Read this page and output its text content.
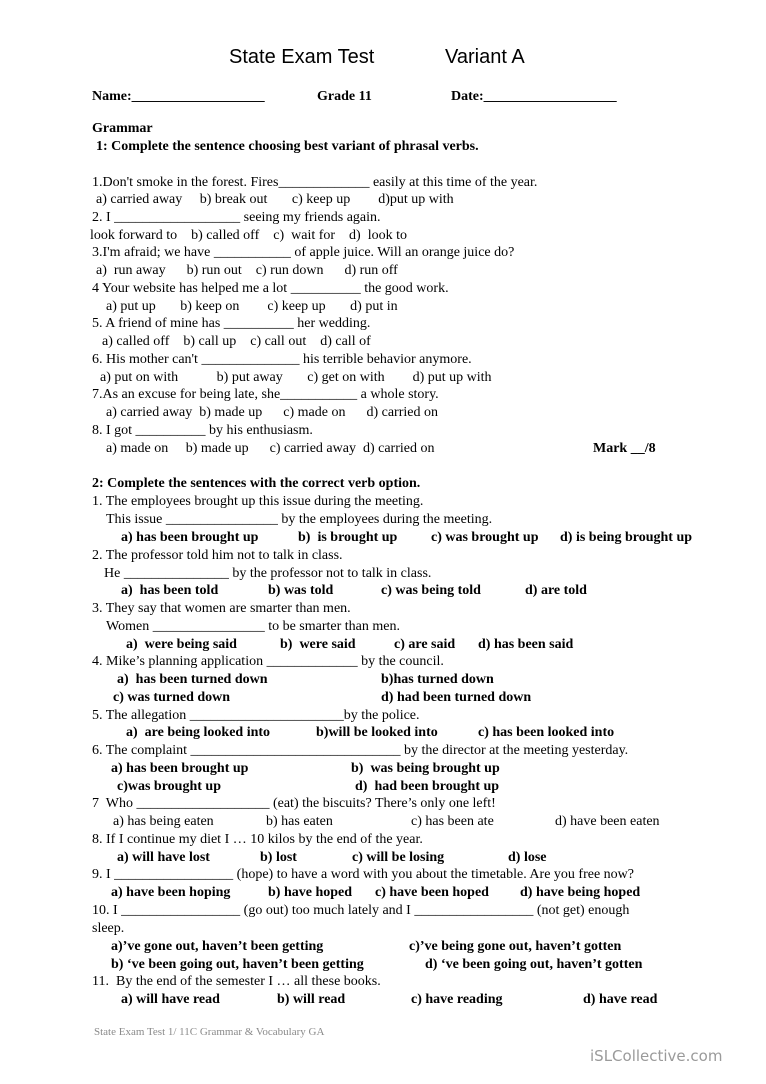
State Exam Test	Variant A
Name:___________________	Grade 11	Date:___________________
Grammar
1: Complete the sentence choosing best variant of phrasal verbs.
1.Don't smoke in the forest. Fires_____________ easily at this time of the year.
a) carried away     b) break out       c) keep up        d)put up with
2. I __________________ seeing my friends again.
look forward to    b) called off    c)  wait for    d)  look to
3.I'm afraid; we have ___________ of apple juice. Will an orange juice do?
a)  run away      b) run out    c) run down      d) run off
4 Your website has helped me a lot __________ the good work.
a) put up       b) keep on        c) keep up       d) put in
5. A friend of mine has __________ her wedding.
a) called off    b) call up    c) call out    d) call of
6. His mother can't ______________ his terrible behavior anymore.
a) put on with           b) put away       c) get on with        d) put up with
7.As an excuse for being late, she___________ a whole story.
a) carried away  b) made up      c) made on      d) carried on
8. I got __________ by his enthusiasm.
a) made on     b) made up      c) carried away  d) carried on	Mark __/8
2: Complete the sentences with the correct verb option.
1. The employees brought up this issue during the meeting.
This issue ________________ by the employees during the meeting.
a) has been brought up	b)  is brought up c) was brought up d) is being brought up
2. The professor told him not to talk in class.
He _______________ by the professor not to talk in class.
a)  has been told	b) was told	c) was being told	d) are told
3. They say that women are smarter than men.
Women ________________ to be smarter than men.
a)  were being said	b)  were said	c) are said d) has been said
4. Mike’s planning application _____________ by the council.
a)  has been turned down	b)has turned down
c) was turned down	d) had been turned down
5. The allegation ______________________by the police.
a)  are being looked into	b)will be looked into	c) has been looked into
6. The complaint ______________________________ by the director at the meeting yesterday.
a) has been brought up	b)  was being brought up
c)was brought up	d)  had been brought up
7  Who ___________________ (eat) the biscuits? There’s only one left!
a) has being eaten	b) has eaten	c) has been ate	d) have been eaten
8. If I continue my diet I … 10 kilos by the end of the year.
a) will have lost	b) lost	c) will be losing	d) lose
9. I _________________ (hope) to have a word with you about the timetable. Are you free now?
a) have been hoping	b) have hoped c) have been hoped d) have being hoped
10. I _________________ (go out) too much lately and I _________________ (not get) enough
sleep.
a)’ve gone out, haven’t been getting	c)’ve being gone out, haven’t gotten
b) ‘ve been going out, haven’t been getting	d) ‘ve been going out, haven’t gotten
11.  By the end of the semester I … all these books.
a) will have read	b) will read	c) have reading	d) have read
State Exam Test 1/ 11C Grammar & Vocabulary GA
iSLCollective.com
